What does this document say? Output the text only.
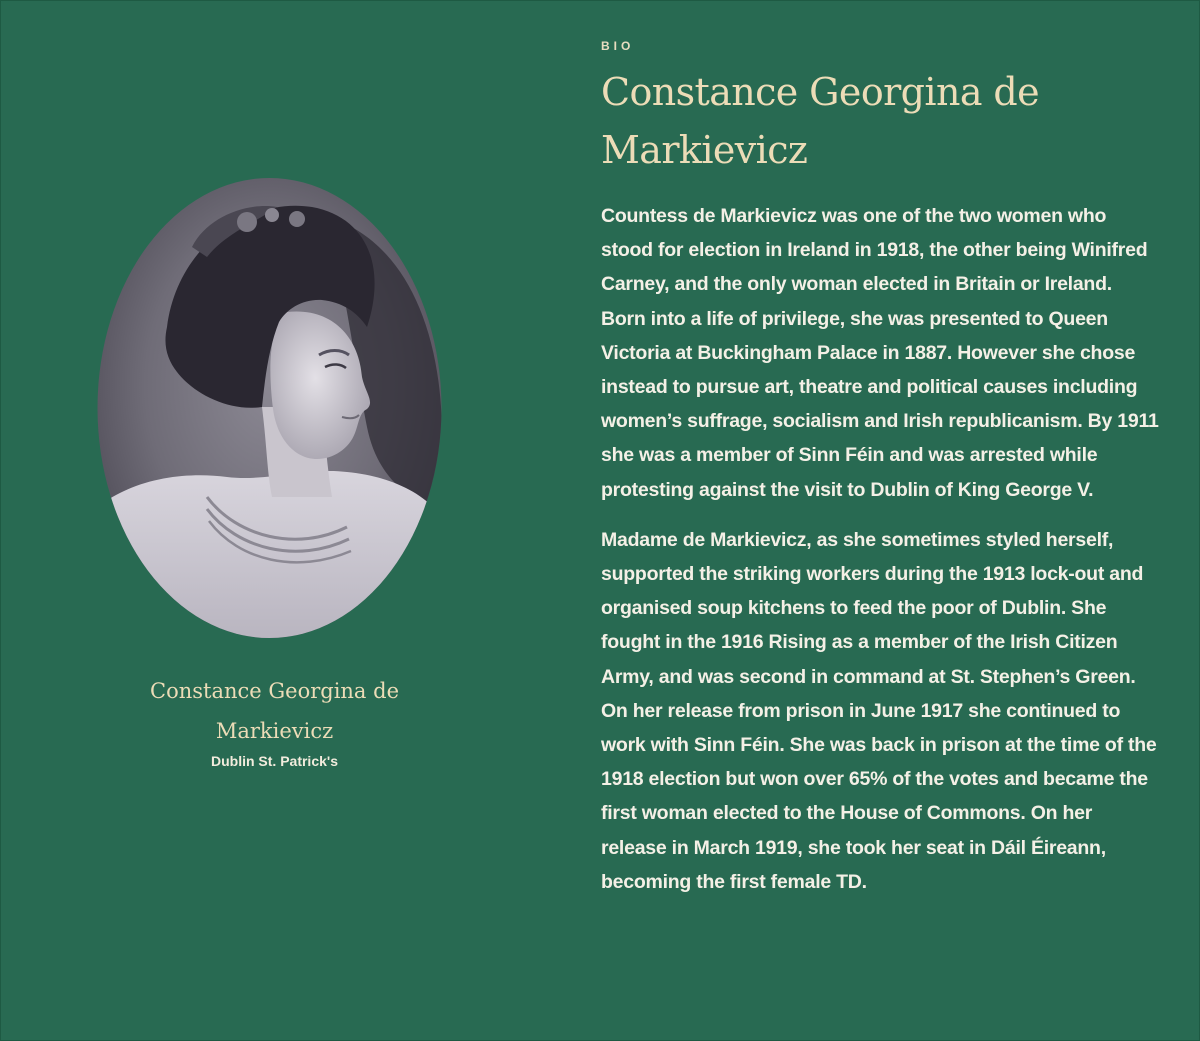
Constance Georgina de
Markievicz

Dublin St. Patrick's

BIO

Constance Georgina de
Markievicz

Countess de Markievicz was one of the two women who stood for election in Ireland in 1918, the other being Winifred Carney, and the only woman elected in Britain or Ireland. Born into a life of privilege, she was presented to Queen Victoria at Buckingham Palace in 1887. However she chose instead to pursue art, theatre and political causes including women’s suffrage, socialism and Irish republicanism. By 1911 she was a member of Sinn Féin and was arrested while protesting against the visit to Dublin of King George V.

Madame de Markievicz, as she sometimes styled herself, supported the striking workers during the 1913 lock-out and organised soup kitchens to feed the poor of Dublin. She fought in the 1916 Rising as a member of the Irish Citizen Army, and was second in command at St. Stephen’s Green. On her release from prison in June 1917 she continued to work with Sinn Féin. She was back in prison at the time of the 1918 election but won over 65% of the votes and became the first woman elected to the House of Commons. On her release in March 1919, she took her seat in Dáil Éireann, becoming the first female TD.
